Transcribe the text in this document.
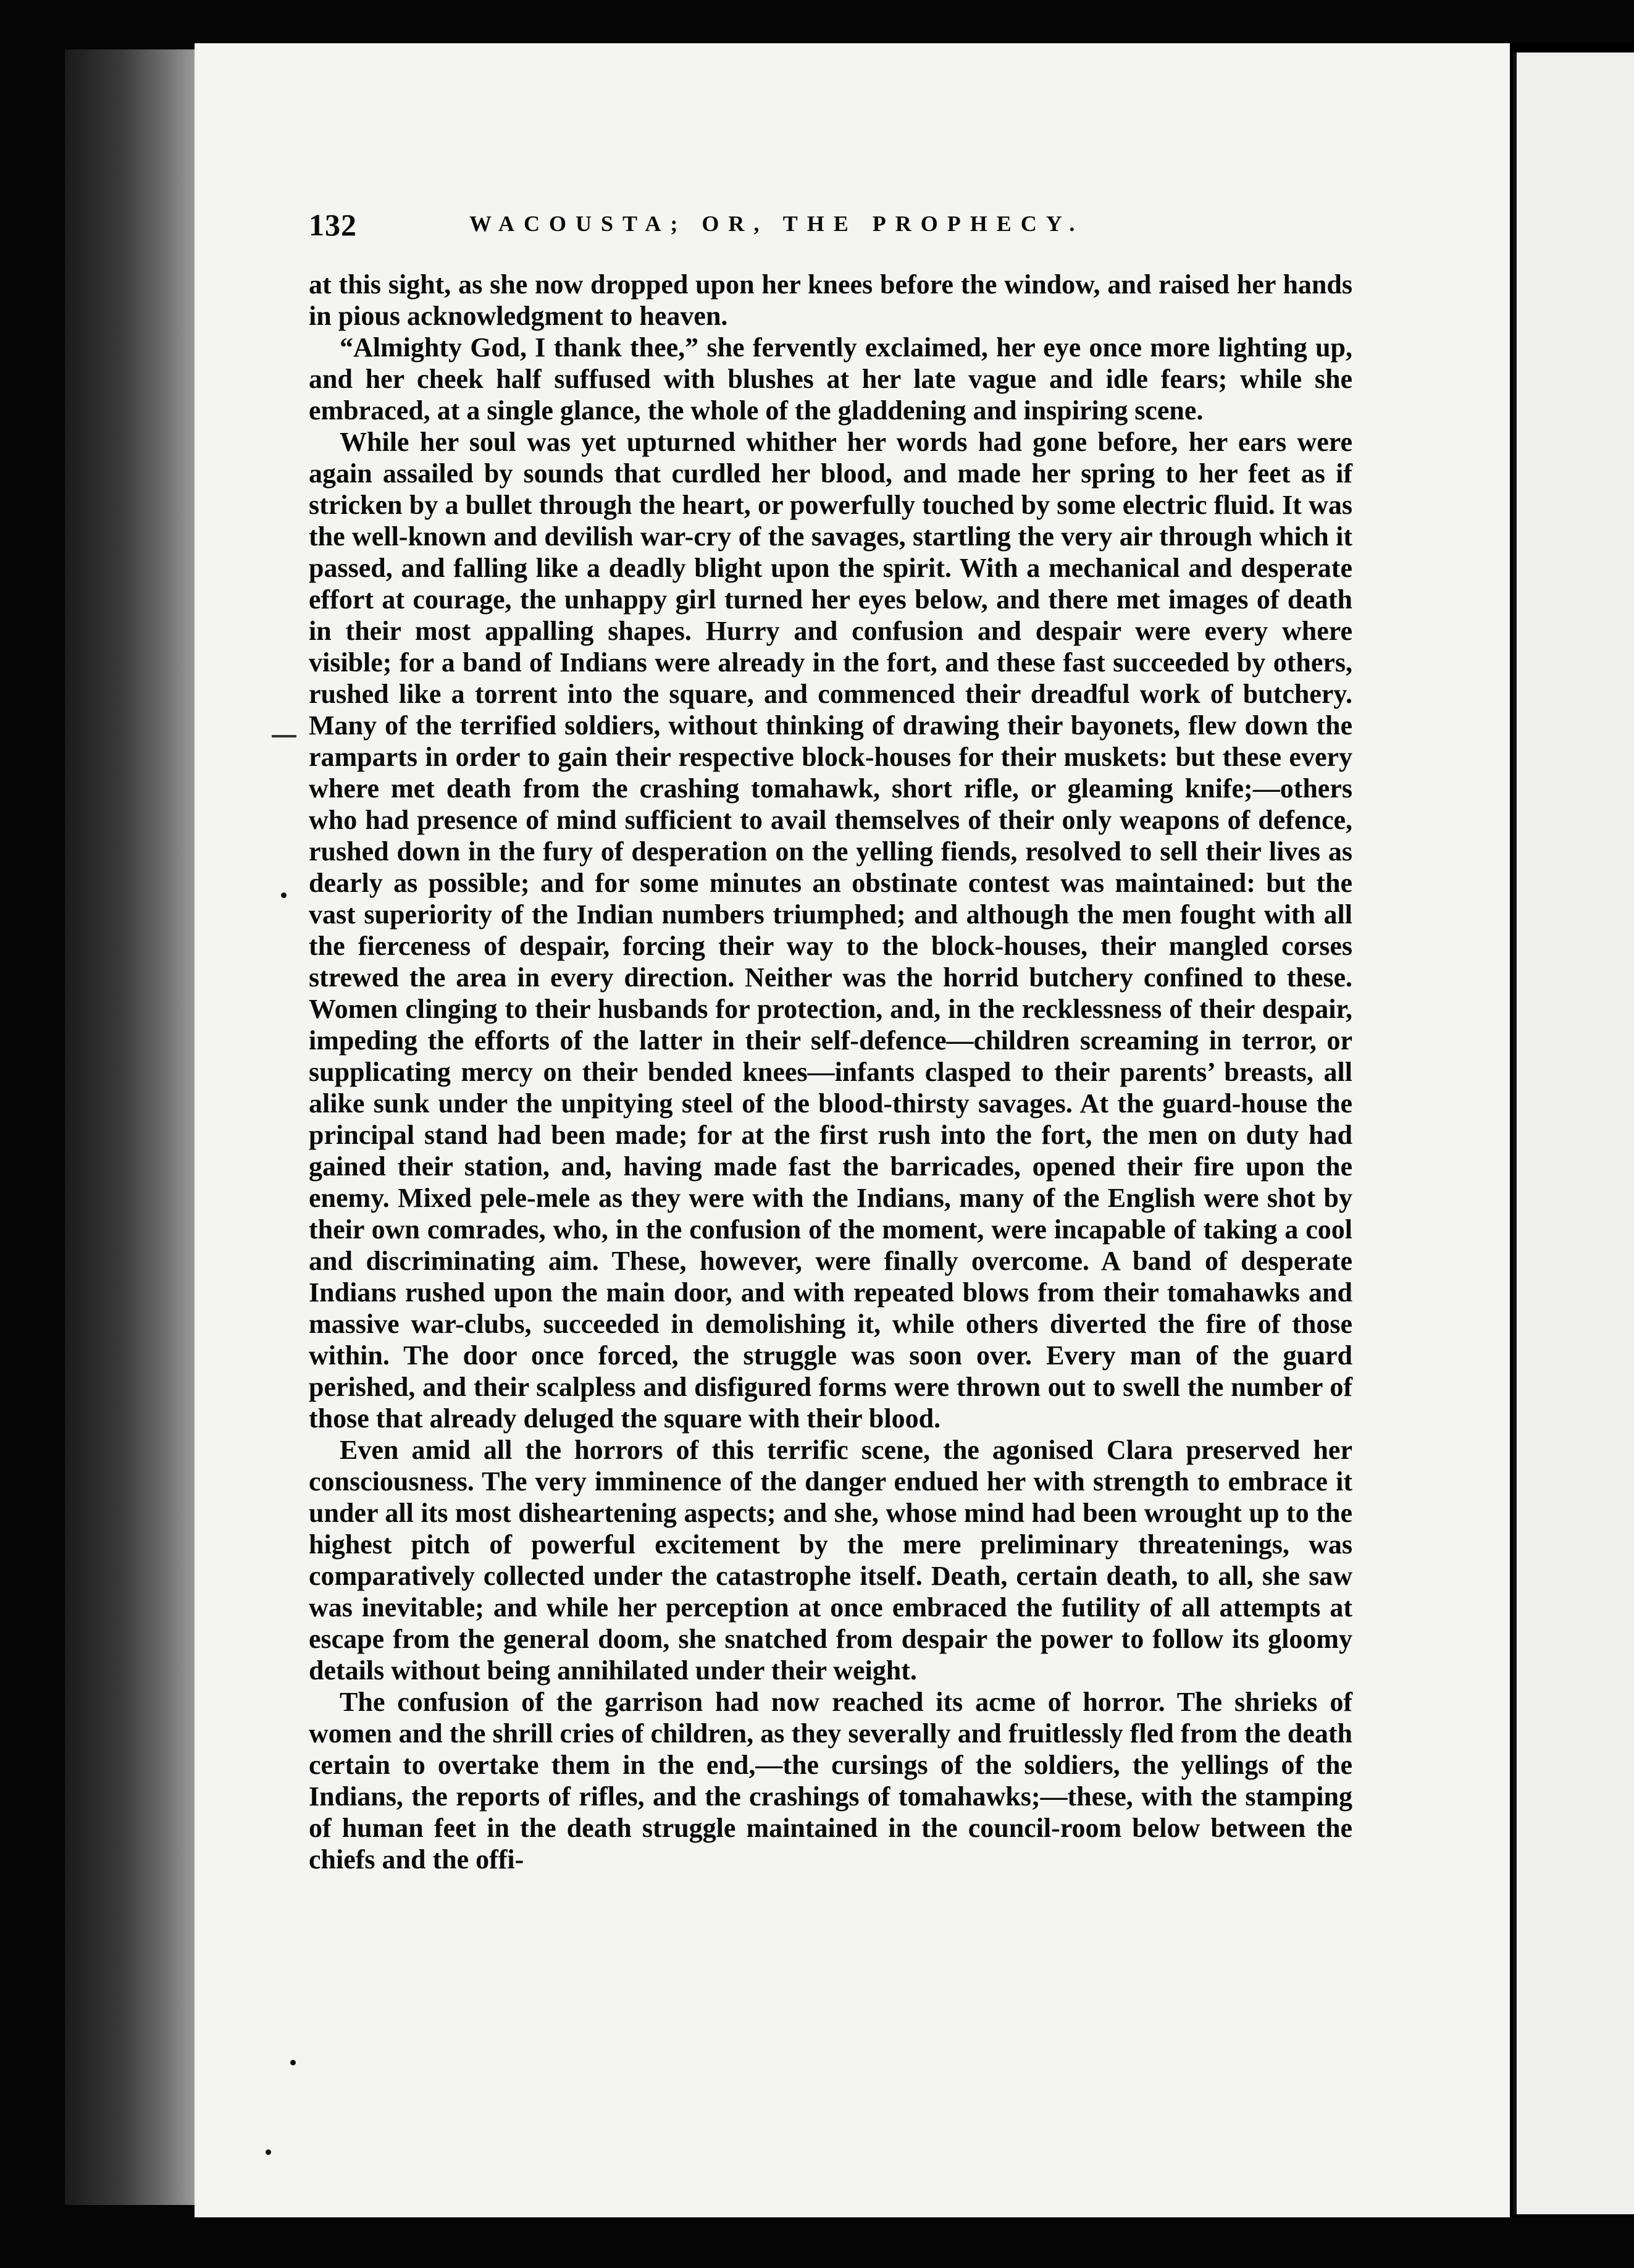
132	WACOUSTA; OR, THE PROPHECY.

at this sight, as she now dropped upon her knees before the window, and raised her hands in pious acknowledgment to heaven.

“Almighty God, I thank thee,” she fervently exclaimed, her eye once more lighting up, and her cheek half suffused with blushes at her late vague and idle fears; while she embraced, at a single glance, the whole of the gladdening and inspiring scene.

While her soul was yet upturned whither her words had gone before, her ears were again assailed by sounds that curdled her blood, and made her spring to her feet as if stricken by a bullet through the heart, or powerfully touched by some electric fluid. It was the well-known and devilish war-cry of the savages, startling the very air through which it passed, and falling like a deadly blight upon the spirit. With a mechanical and desperate effort at courage, the unhappy girl turned her eyes below, and there met images of death in their most appalling shapes. Hurry and confusion and despair were every where visible; for a band of Indians were already in the fort, and these fast succeeded by others, rushed like a torrent into the square, and commenced their dreadful work of butchery. Many of the terrified soldiers, without thinking of drawing their bayonets, flew down the ramparts in order to gain their respective block-houses for their muskets: but these every where met death from the crashing tomahawk, short rifle, or gleaming knife;—others who had presence of mind sufficient to avail themselves of their only weapons of defence, rushed down in the fury of desperation on the yelling fiends, resolved to sell their lives as dearly as possible; and for some minutes an obstinate contest was maintained: but the vast superiority of the Indian numbers triumphed; and although the men fought with all the fierceness of despair, forcing their way to the block-houses, their mangled corses strewed the area in every direction. Neither was the horrid butchery confined to these. Women clinging to their husbands for protection, and, in the recklessness of their despair, impeding the efforts of the latter in their self-defence—children screaming in terror, or supplicating mercy on their bended knees—infants clasped to their parents’ breasts, all alike sunk under the unpitying steel of the blood-thirsty savages. At the guard-house the principal stand had been made; for at the first rush into the fort, the men on duty had gained their station, and, having made fast the barricades, opened their fire upon the enemy. Mixed pele-mele as they were with the Indians, many of the English were shot by their own comrades, who, in the confusion of the moment, were incapable of taking a cool and discriminating aim. These, however, were finally overcome. A band of desperate Indians rushed upon the main door, and with repeated blows from their tomahawks and massive war-clubs, succeeded in demolishing it, while others diverted the fire of those within. The door once forced, the struggle was soon over. Every man of the guard perished, and their scalpless and disfigured forms were thrown out to swell the number of those that already deluged the square with their blood.

Even amid all the horrors of this terrific scene, the agonised Clara preserved her consciousness. The very imminence of the danger endued her with strength to embrace it under all its most disheartening aspects; and she, whose mind had been wrought up to the highest pitch of powerful excitement by the mere preliminary threatenings, was comparatively collected under the catastrophe itself. Death, certain death, to all, she saw was inevitable; and while her perception at once embraced the futility of all attempts at escape from the general doom, she snatched from despair the power to follow its gloomy details without being annihilated under their weight.

The confusion of the garrison had now reached its acme of horror. The shrieks of women and the shrill cries of children, as they severally and fruitlessly fled from the death certain to overtake them in the end,—the cursings of the soldiers, the yellings of the Indians, the reports of rifles, and the crashings of tomahawks;—these, with the stamping of human feet in the death struggle maintained in the council-room below between the chiefs and the offi-
